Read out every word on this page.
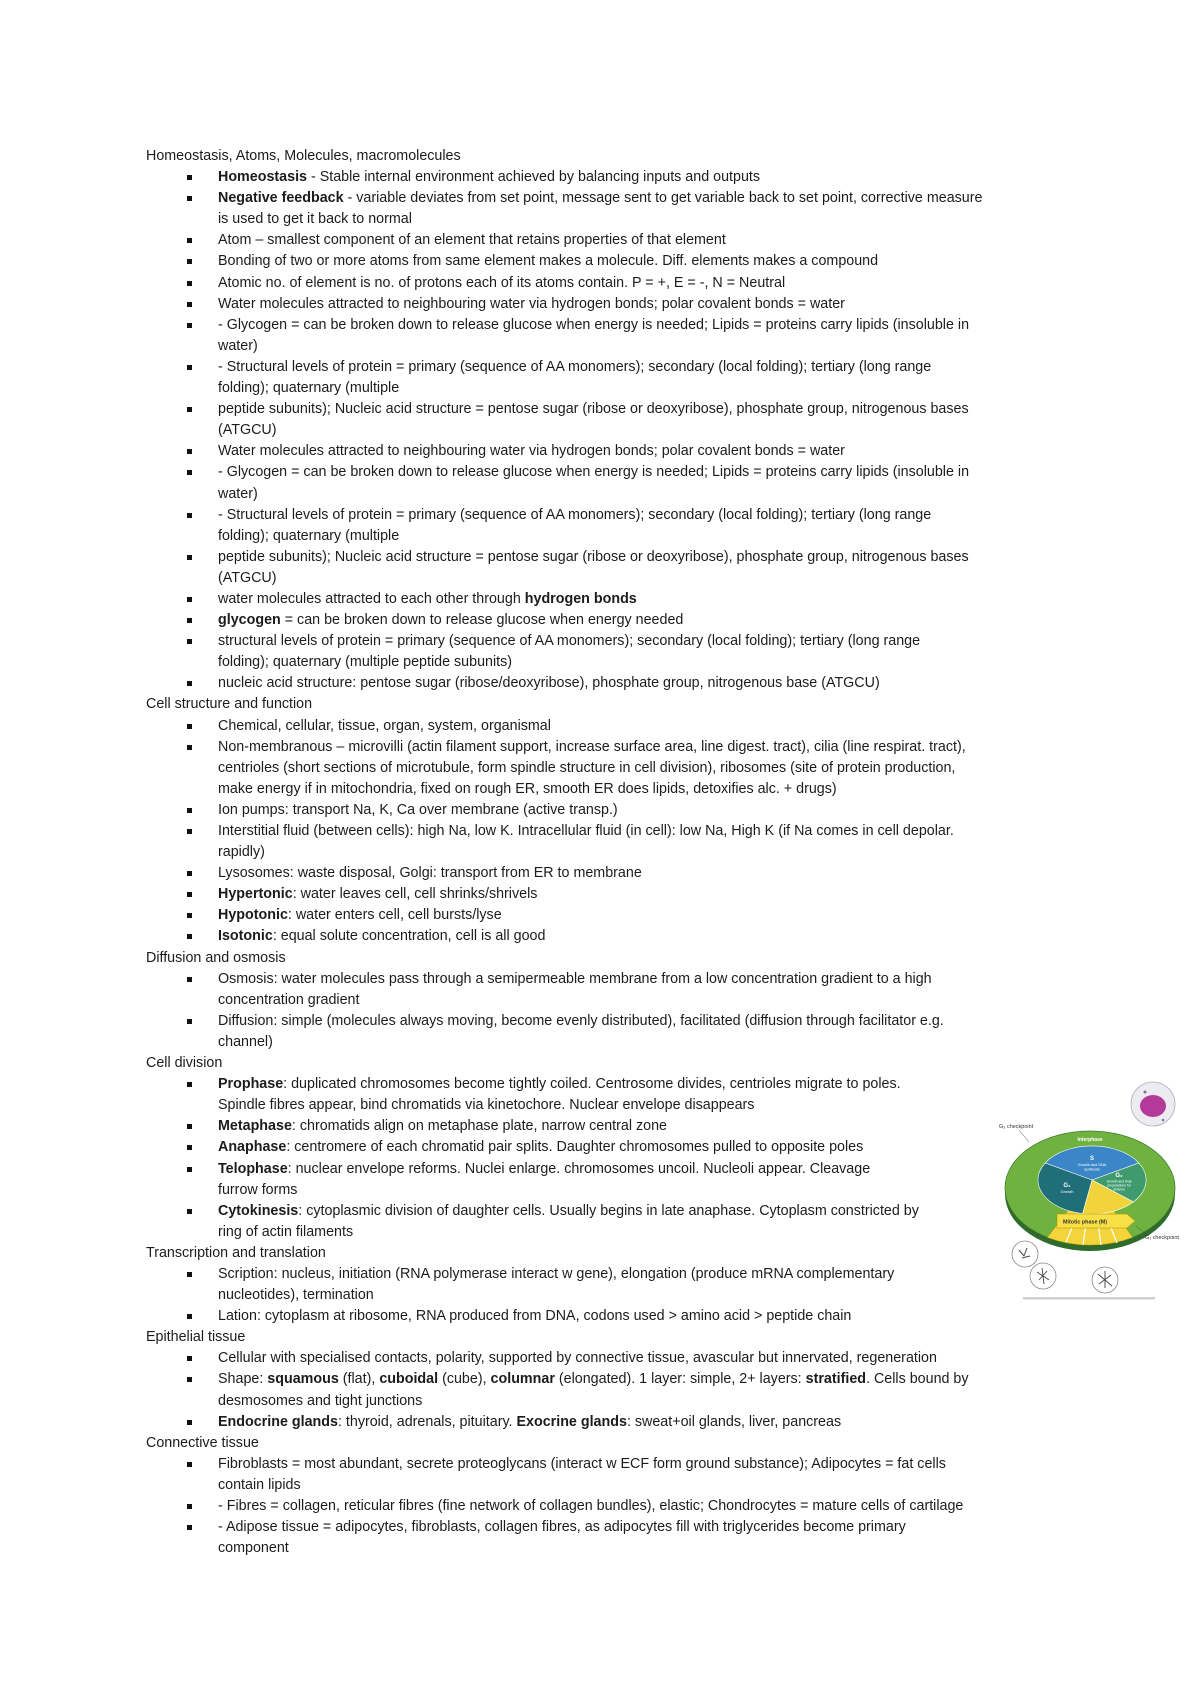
Homeostasis, Atoms, Molecules, macromolecules
Homeostasis - Stable internal environment achieved by balancing inputs and outputs
Negative feedback - variable deviates from set point, message sent to get variable back to set point, corrective measure
is used to get it back to normal
Atom – smallest component of an element that retains properties of that element
Bonding of two or more atoms from same element makes a molecule. Diff. elements makes a compound
Atomic no. of element is no. of protons each of its atoms contain. P = +, E = -, N = Neutral
Water molecules attracted to neighbouring water via hydrogen bonds; polar covalent bonds = water
- Glycogen = can be broken down to release glucose when energy is needed; Lipids = proteins carry lipids (insoluble in
water)
- Structural levels of protein = primary (sequence of AA monomers); secondary (local folding); tertiary (long range
folding); quaternary (multiple
peptide subunits); Nucleic acid structure = pentose sugar (ribose or deoxyribose), phosphate group, nitrogenous bases
(ATGCU)
Water molecules attracted to neighbouring water via hydrogen bonds; polar covalent bonds = water
- Glycogen = can be broken down to release glucose when energy is needed; Lipids = proteins carry lipids (insoluble in
water)
- Structural levels of protein = primary (sequence of AA monomers); secondary (local folding); tertiary (long range
folding); quaternary (multiple
peptide subunits); Nucleic acid structure = pentose sugar (ribose or deoxyribose), phosphate group, nitrogenous bases
(ATGCU)
water molecules attracted to each other through hydrogen bonds
glycogen = can be broken down to release glucose when energy needed
structural levels of protein = primary (sequence of AA monomers); secondary (local folding); tertiary (long range
folding); quaternary (multiple peptide subunits)
nucleic acid structure: pentose sugar (ribose/deoxyribose), phosphate group, nitrogenous base (ATGCU)
Cell structure and function
Chemical, cellular, tissue, organ, system, organismal
Non-membranous – microvilli (actin filament support, increase surface area, line digest. tract), cilia (line respirat. tract),
centrioles (short sections of microtubule, form spindle structure in cell division), ribosomes (site of protein production,
make energy if in mitochondria, fixed on rough ER, smooth ER does lipids, detoxifies alc. + drugs)
Ion pumps: transport Na, K, Ca over membrane (active transp.)
Interstitial fluid (between cells): high Na, low K. Intracellular fluid (in cell): low Na, High K (if Na comes in cell depolar.
rapidly)
Lysosomes: waste disposal, Golgi: transport from ER to membrane
Hypertonic: water leaves cell, cell shrinks/shrivels
Hypotonic: water enters cell, cell bursts/lyse
Isotonic: equal solute concentration, cell is all good
Diffusion and osmosis
Osmosis: water molecules pass through a semipermeable membrane from a low concentration gradient to a high
concentration gradient
Diffusion: simple (molecules always moving, become evenly distributed), facilitated (diffusion through facilitator e.g.
channel)
Cell division
Prophase: duplicated chromosomes become tightly coiled. Centrosome divides, centrioles migrate to poles.
Spindle fibres appear, bind chromatids via kinetochore. Nuclear envelope disappears
Metaphase: chromatids align on metaphase plate, narrow central zone
Anaphase: centromere of each chromatid pair splits. Daughter chromosomes pulled to opposite poles
Telophase: nuclear envelope reforms. Nuclei enlarge. chromosomes uncoil. Nucleoli appear. Cleavage
furrow forms
Cytokinesis: cytoplasmic division of daughter cells. Usually begins in late anaphase. Cytoplasm constricted by
ring of actin filaments
Transcription and translation
Scription: nucleus, initiation (RNA polymerase interact w gene), elongation (produce mRNA complementary
nucleotides), termination
Lation: cytoplasm at ribosome, RNA produced from DNA, codons used > amino acid > peptide chain
Epithelial tissue
Cellular with specialised contacts, polarity, supported by connective tissue, avascular but innervated, regeneration
Shape: squamous (flat), cuboidal (cube), columnar (elongated). 1 layer: simple, 2+ layers: stratified. Cells bound by
desmosomes and tight junctions
Endocrine glands: thyroid, adrenals, pituitary. Exocrine glands: sweat+oil glands, liver, pancreas
Connective tissue
Fibroblasts = most abundant, secrete proteoglycans (interact w ECF form ground substance); Adipocytes = fat cells
contain lipids
- Fibres = collagen, reticular fibres (fine network of collagen bundles), elastic; Chondrocytes = mature cells of cartilage
- Adipose tissue = adipocytes, fibroblasts, collagen fibres, as adipocytes fill with triglycerides become primary
component
G₂ checkpoint
Interphase
S
Growth and DNA
synthesis
G₂
Growth and final
preparations for
division
G₁
Growth
Mitotic phase (M)
G₁ checkpoint
